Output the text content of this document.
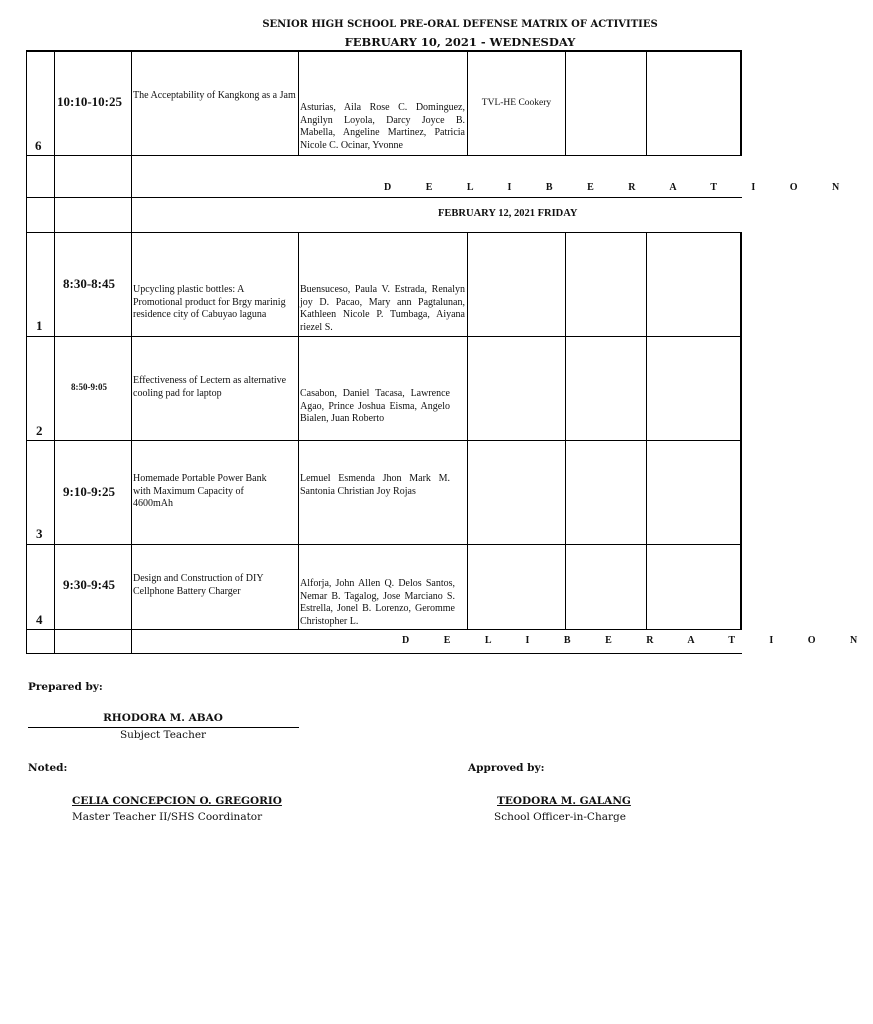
SENIOR HIGH SCHOOL PRE-ORAL DEFENSE MATRIX OF ACTIVITIES
FEBRUARY 10, 2021 - WEDNESDAY
6
10:10-10:25 The Acceptability of Kangkong as a Jam
Asturias, Aila Rose C. Dominguez, Angilyn Loyola, Darcy Joyce B. Mabella, Angeline Martinez, Patricia Nicole C. Ocinar, Yvonne
TVL-HE Cookery
D E L I B E R A T I O N
FEBRUARY 12, 2021 FRIDAY
1
8:30-8:45 Upcycling plastic bottles: A Promotional product for Brgy marinig residence city of Cabuyao laguna
Buensuceso, Paula V. Estrada, Renalyn joy D. Pacao, Mary ann Pagtalunan, Kathleen Nicole P. Tumbaga, Aiyana riezel S.
2
8:50-9:05
Effectiveness of Lectern as alternative cooling pad for laptop	Casabon, Daniel Tacasa, Lawrence Agao, Prince Joshua Eisma, Angelo Bialen, Juan Roberto
3
9:10-9:25
Homemade Portable Power Bank with Maximum Capacity of 4600mAh
Lemuel Esmenda Jhon Mark M. Santonia Christian Joy Rojas
4
9:30-9:45 Design and Construction of DIY Cellphone Battery Charger
Alforja, John Allen Q. Delos Santos, Nemar B. Tagalog, Jose Marciano S. Estrella, Jonel B. Lorenzo, Geromme Christopher L.
D E L I B E R A T I O N
Prepared by:
RHODORA M. ABAO
Subject Teacher
Noted:
CELIA CONCEPCION O. GREGORIO
Master Teacher II/SHS Coordinator
Approved by:
TEODORA M. GALANG
School Officer-in-Charge
